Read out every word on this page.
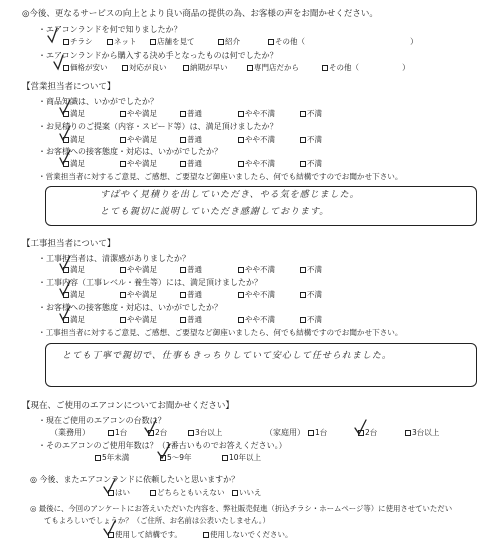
◎今後、更なるサービスの向上とより良い商品の提供の為、お客様の声をお聞かせください。
・エアコンランドを何で知りましたか？
チラシ	ネット	店舗を見て	紹介	その他（	）
・エアコンランドから購入する決め手となったものは何でしたか？
価格が安い	対応が良い	納期が早い	専門店だから	その他（	）
【営業担当者について】
・商品知識は、いかがでしたか？
満足	やや満足	普通	やや不満	不満
・お見積りのご提案（内容・スピード等）は、満足頂けましたか？
満足	やや満足	普通	やや不満	不満
・お客様への接客態度・対応は、いかがでしたか？
満足	やや満足	普通	やや不満	不満
・営業担当者に対するご意見、ご感想、ご要望など御座いましたら、何でも結構ですのでお聞かせ下さい。
すばやく見積りを出していただき、やる気を感じました。
とても親切に説明していただき感謝しております。
【工事担当者について】
・工事担当者は、清潔感がありましたか？
満足	やや満足	普通	やや不満	不満
・工事内容（工事レベル・養生等）には、満足頂けましたか？
満足	やや満足	普通	やや不満	不満
・お客様への接客態度・対応は、いかがでしたか？
満足	やや満足	普通	やや不満	不満
・工事担当者に対するご意見、ご感想、ご要望など御座いましたら、何でも結構ですのでお聞かせ下さい。
とても丁寧で親切で、仕事もきっちりしていて安心して任せられました。
【現在、ご使用のエアコンについてお聞かせください】
・現在ご使用のエアコンの台数は？
（業務用）	1台	2台	3台以上	（家庭用）	1台	2台	3台以上
・そのエアコンのご使用年数は？（1番古いものでお答えください。）
5年未満	5～9年	10年以上
◎ 今後、またエアコンランドに依頼したいと思いますか？
はい	どちらともいえない	いいえ
◎ 最後に、今回のアンケートにお答えいただいた内容を、弊社販売促進（折込チラシ・ホームページ等）に使用させていただい
てもよろしいでしょうか？（ご住所、お名前は公表いたしません。）
使用して結構です。	使用しないでください。
